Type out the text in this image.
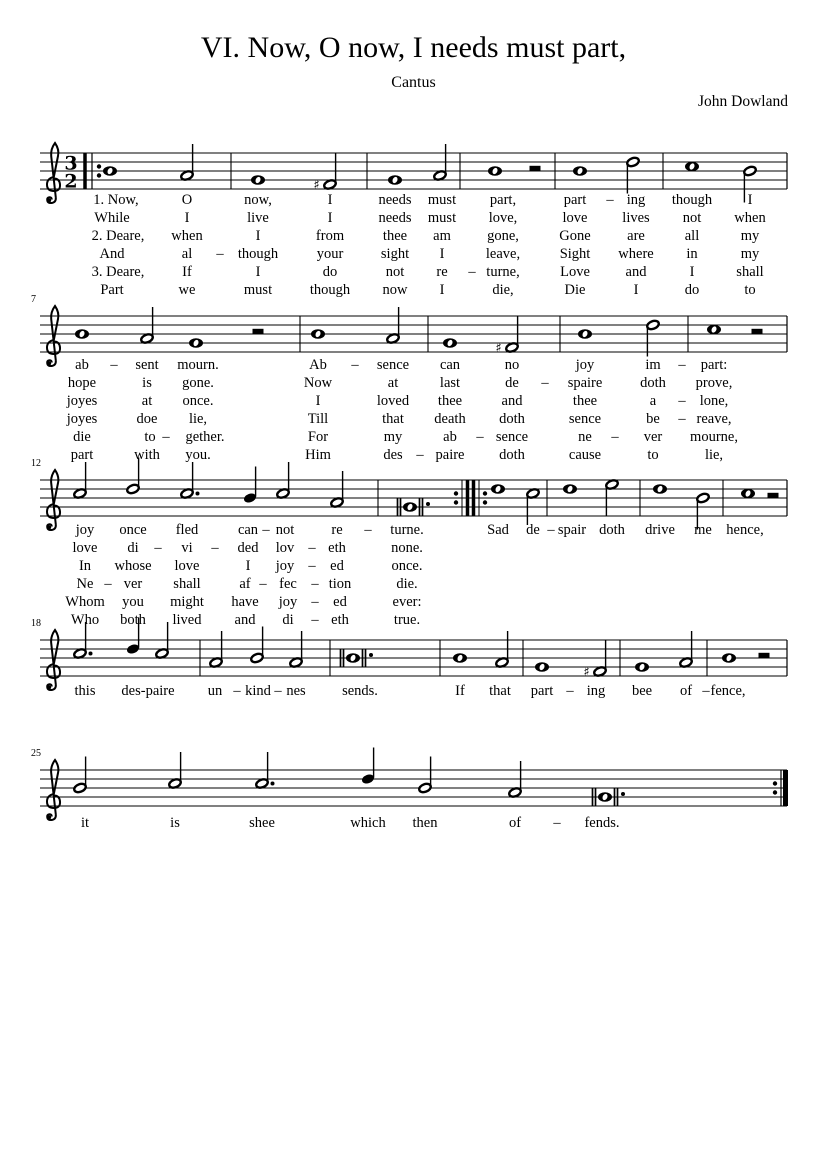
VI. Now, O now, I needs must part,
Cantus
John Dowland
3
2	♯
1. Now,	O	now,	I	needs must part,	part – ing though I
While	I	live	I	needs must love,	love lives not when
2. Deare, when	I	from	thee am gone,	Gone	are	all	my
And	al – though	your	sight I	leave,	Sight where in	my
3. Deare,	If	I	do	not re – turne,	Love and	I	shall
Part	we	must	though now I	die,	Die	I	do	to
♯
7
ab – sent mourn.	Ab – sence can	no	joy	im – part:
hope	is gone.	Now	at	last	de – spaire	doth prove,
joyes	at once.	I	loved thee	and	thee	a – lone,
joyes	doe lie,	Till	that death doth	sence	be – reave,
die	to – gether.	For	my	ab – sence	ne – ver mourne,
part	with you.	Him	des – paire doth	cause	to	lie,
12
joy once fled	can – not	re – turne.	Sad de – spair doth drive me hence,
love di – vi – ded lov – eth	none.
In whose love	I joy – ed	once.
Ne – ver shall	af – fec – tion	die.
Whom you might have joy – ed	ever:
Who both lived and di – eth	true.
♯
18
this des-paire un – kind – nes	sends.	If that part – ing bee of – fence,
25
it	is	shee	which then	of – fends.
